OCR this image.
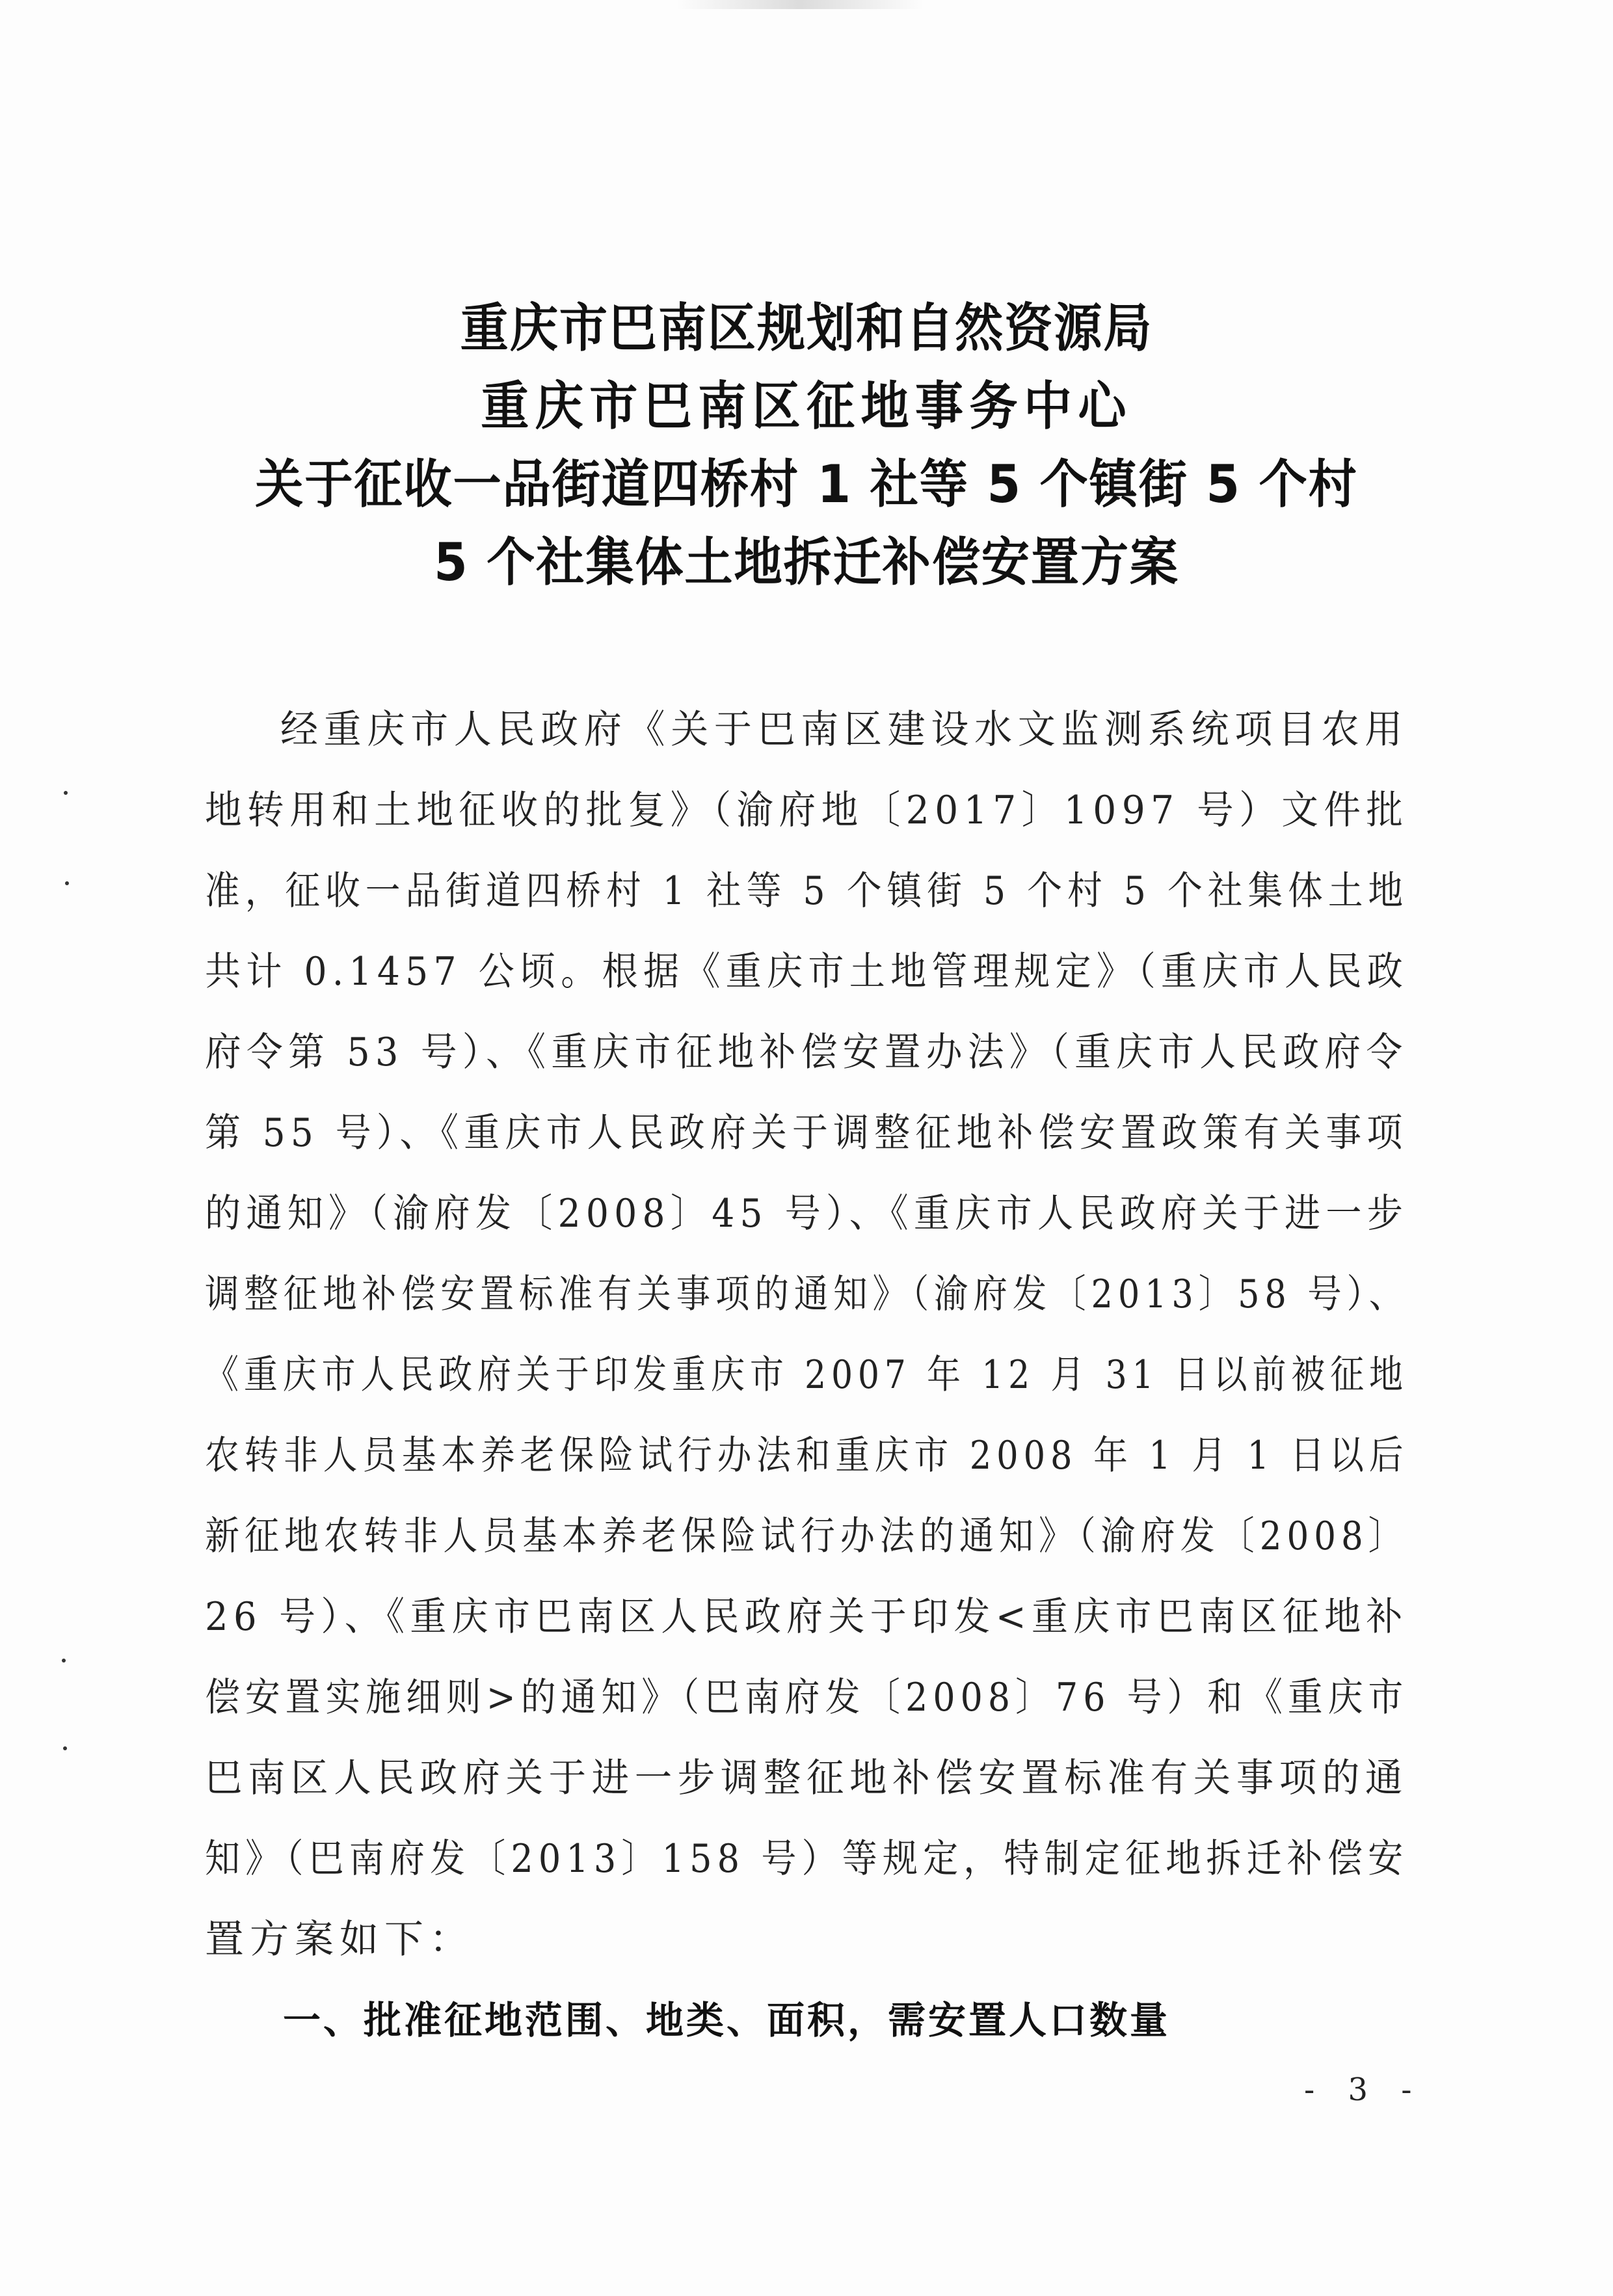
重庆市巴南区规划和自然资源局
重庆市巴南区征地事务中心
关于征收一品街道四桥村 1 社等 5 个镇街 5 个村
5 个社集体土地拆迁补偿安置方案
经重庆市人民政府《关于巴南区建设水文监测系统项目农用
地转用和土地征收的批复》（渝府地〔2017〕1097 号）文件批
准，征收一品街道四桥村 1 社等 5 个镇街 5 个村 5 个社集体土地
共计 0.1457 公顷。根据《重庆市土地管理规定》（重庆市人民政
府令第 53 号）、《重庆市征地补偿安置办法》（重庆市人民政府令
第 55 号）、《重庆市人民政府关于调整征地补偿安置政策有关事项
的通知》（渝府发〔2008〕45 号）、《重庆市人民政府关于进一步
调整征地补偿安置标准有关事项的通知》（渝府发〔2013〕58 号）、
《重庆市人民政府关于印发重庆市 2007 年 12 月 31 日以前被征地
农转非人员基本养老保险试行办法和重庆市 2008 年 1 月 1 日以后
新征地农转非人员基本养老保险试行办法的通知》（渝府发〔2008〕
26 号）、《重庆市巴南区人民政府关于印发<重庆市巴南区征地补
偿安置实施细则>的通知》（巴南府发〔2008〕76 号）和《重庆市
巴南区人民政府关于进一步调整征地补偿安置标准有关事项的通
知》（巴南府发〔2013〕158 号）等规定，特制定征地拆迁补偿安
置方案如下：
一、批准征地范围、地类、面积，需安置人口数量
- 3 -
